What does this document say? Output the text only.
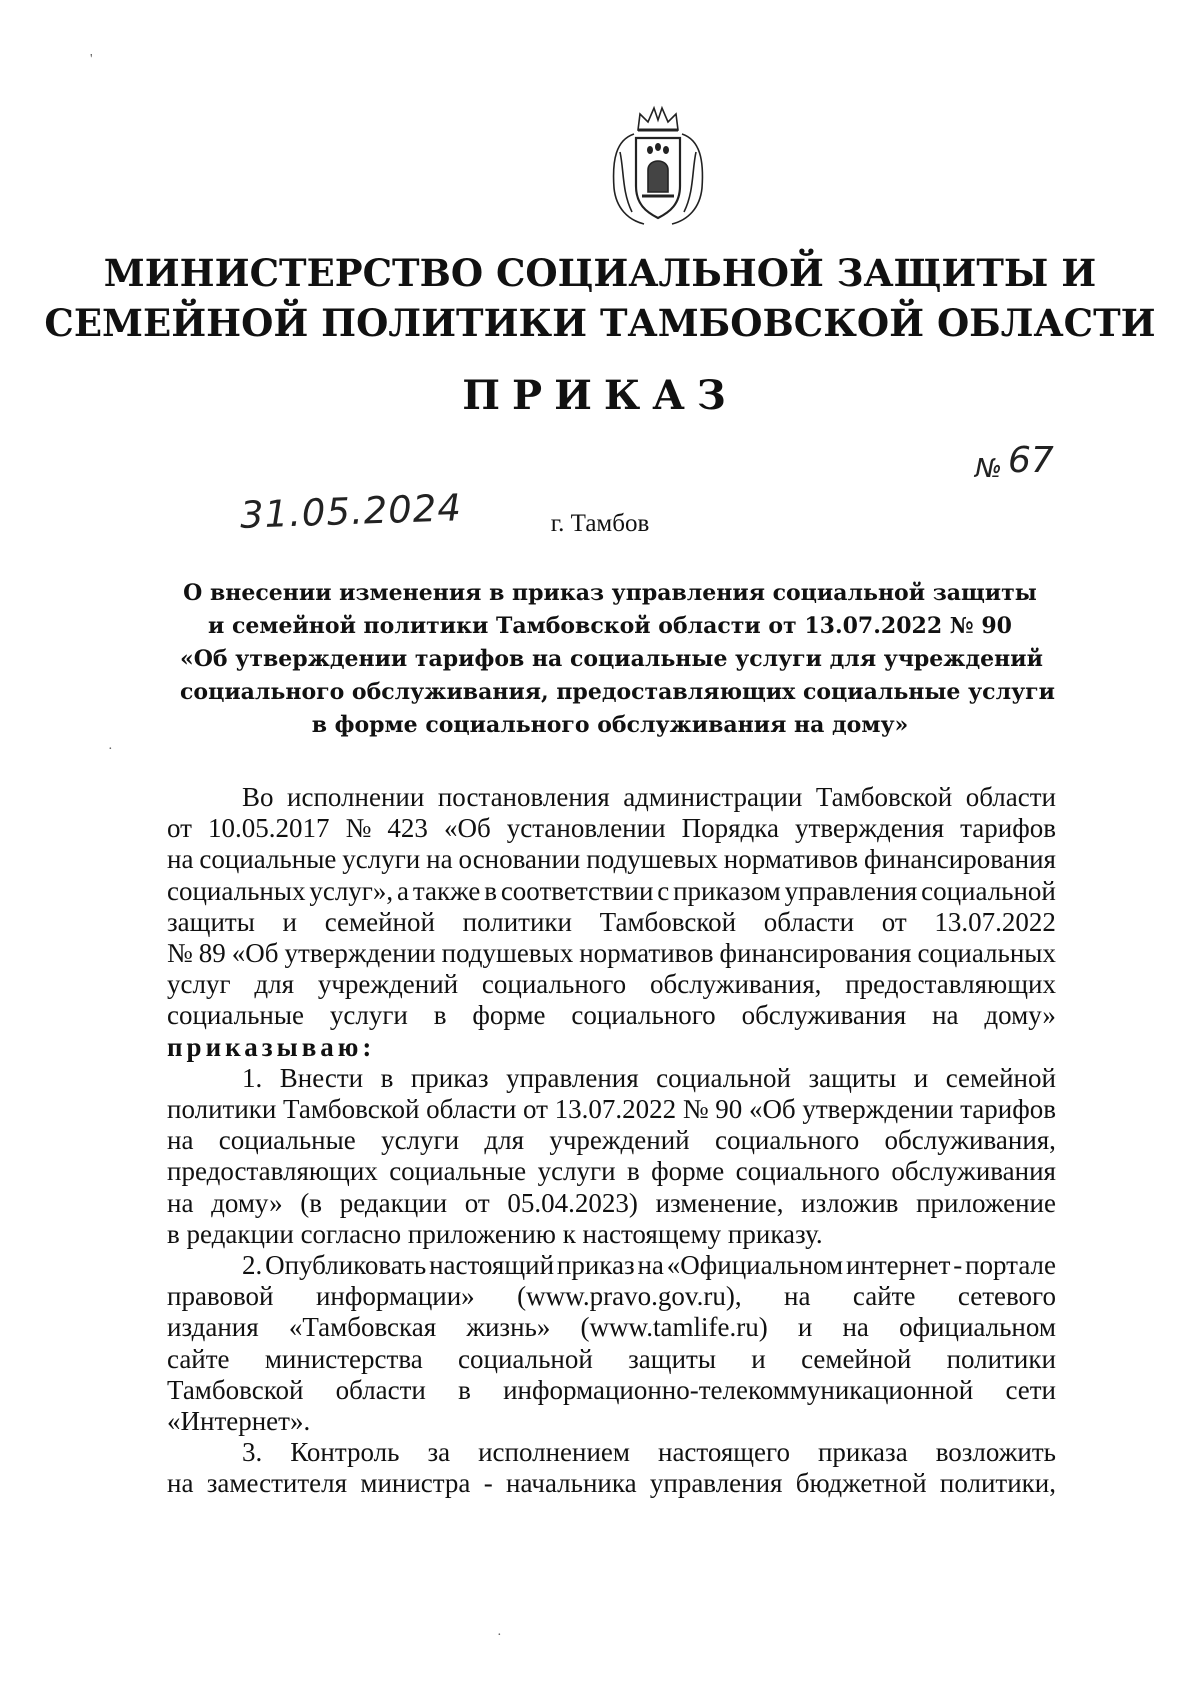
МИНИСТЕРСТВО СОЦИАЛЬНОЙ ЗАЩИТЫ И
СЕМЕЙНОЙ ПОЛИТИКИ ТАМБОВСКОЙ ОБЛАСТИ
ПРИКАЗ
№ 67
31.05.2024	г. Тамбов
О внесении изменения в приказ управления социальной защиты
и семейной политики Тамбовской области от 13.07.2022 № 90
«Об утверждении тарифов на социальные услуги для учреждений
социального обслуживания, предоставляющих социальные услуги
в форме социального обслуживания на дому»
Во исполнении постановления администрации Тамбовской области
от 10.05.2017 № 423 «Об установлении Порядка утверждения тарифов
на социальные услуги на основании подушевых нормативов финансирования
социальных услуг», а также в соответствии с приказом управления социальной
защиты и семейной политики Тамбовской области от 13.07.2022
№ 89 «Об утверждении подушевых нормативов финансирования социальных
услуг для учреждений социального обслуживания, предоставляющих
социальные услуги в форме социального обслуживания на дому»
приказываю:
1. Внести в приказ управления социальной защиты и семейной
политики Тамбовской области от 13.07.2022 № 90 «Об утверждении тарифов
на социальные услуги для учреждений социального обслуживания,
предоставляющих социальные услуги в форме социального обслуживания
на дому» (в редакции от 05.04.2023) изменение, изложив приложение
в редакции согласно приложению к настоящему приказу.
2. Опубликовать настоящий приказ на «Официальном интернет - портале
правовой информации» (www.pravo.gov.ru), на сайте сетевого
издания «Тамбовская жизнь» (www.tamlife.ru) и на официальном
сайте министерства социальной защиты и семейной политики
Тамбовской области в информационно-телекоммуникационной сети
«Интернет».
3. Контроль за исполнением настоящего приказа возложить
на заместителя министра - начальника управления бюджетной политики,
'
·
·
